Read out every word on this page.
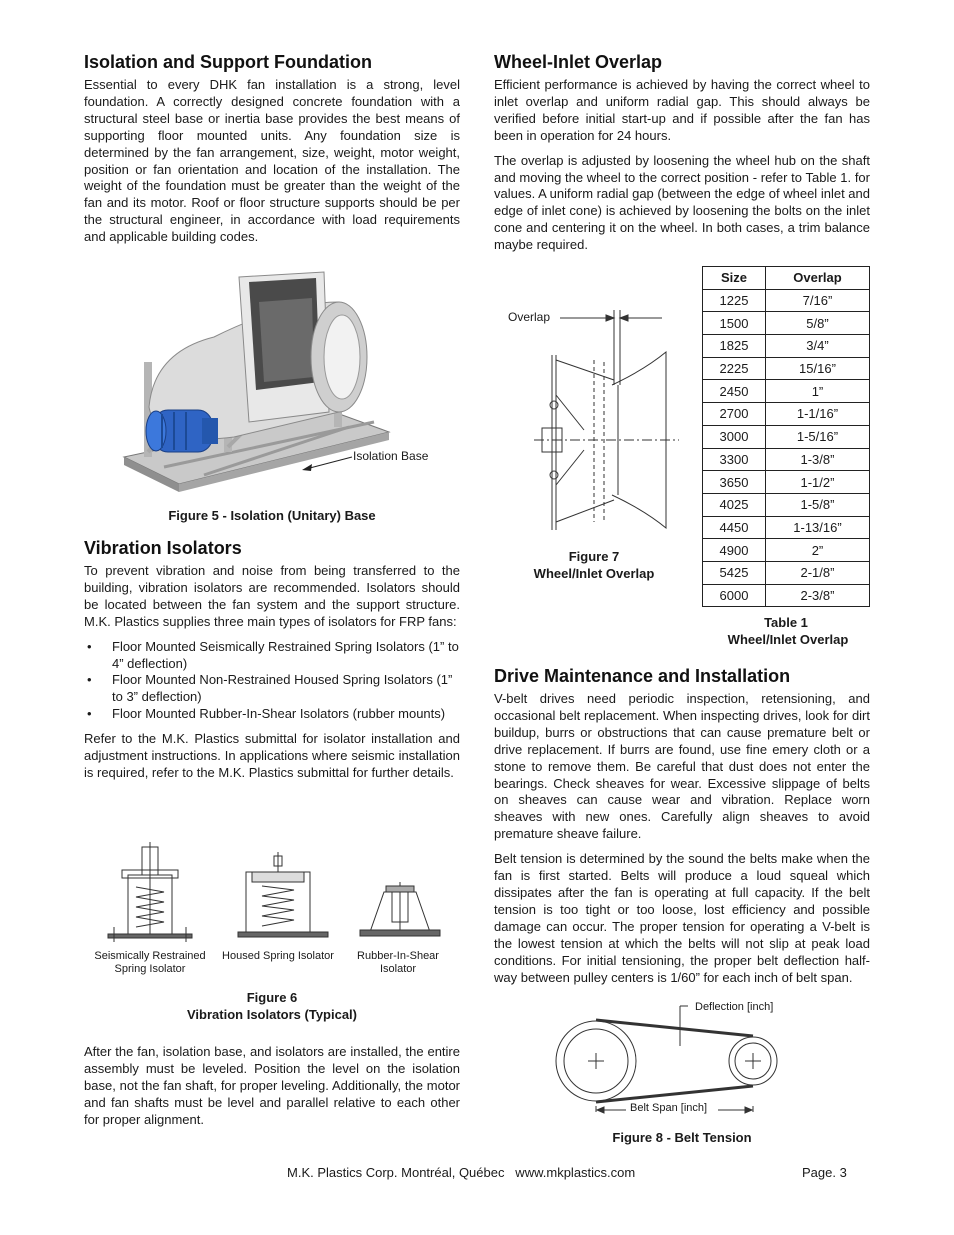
Isolation and Support Foundation

Essential to every DHK fan installation is a strong, level foundation. A correctly designed concrete foundation with a structural steel base or inertia base provides the best means of supporting floor mounted units. Any foundation size is determined by the fan arrangement, size, weight, motor weight, position or fan orientation and location of the installation. The weight of the foundation must be greater than the weight of the fan and its motor. Roof or floor structure supports should be per the structural engineer, in accordance with load requirements and applicable building codes.

Isolation Base
Figure 5 - Isolation (Unitary) Base
Vibration Isolators

To prevent vibration and noise from being transferred to the building, vibration isolators are recommended. Isolators should be located between the fan system and the support structure. M.K. Plastics supplies three main types of isolators for FRP fans:

• Floor Mounted Seismically Restrained Spring Isolators (1” to 4” deflection)
• Floor Mounted Non-Restrained Housed Spring Isolators (1” to 3” deflection)
• Floor Mounted Rubber-In-Shear Isolators (rubber mounts)

Refer to the M.K. Plastics submittal for isolator installation and adjustment instructions. In applications where seismic installation is required, refer to the M.K. Plastics submittal for further details.

Seismically Restrained Spring Isolator
Housed Spring Isolator	Rubber-In-Shear Isolator
Figure 6
Vibration Isolators (Typical)

After the fan, isolation base, and isolators are installed, the entire assembly must be leveled. Position the level on the isolation base, not the fan shaft, for proper leveling. Additionally, the motor and fan shafts must be level and parallel relative to each other for proper alignment.

Wheel-Inlet Overlap

Efficient performance is achieved by having the correct wheel to inlet overlap and uniform radial gap. This should always be verified before initial start-up and if possible after the fan has been in operation for 24 hours.

The overlap is adjusted by loosening the wheel hub on the shaft and moving the wheel to the correct position - refer to Table 1. for values. A uniform radial gap (between the edge of wheel inlet and edge of inlet cone) is achieved by loosening the bolts on the inlet cone and centering it on the wheel. In both cases, a trim balance maybe required.

Overlap
Figure 7
Wheel/Inlet Overlap
Size	Overlap
1225	7/16”
1500	5/8”
1825	3/4”
2225	15/16”
2450	1”
2700	1-1/16”
3000	1-5/16”
3300	1-3/8”
3650	1-1/2”
4025	1-5/8”
4450	1-13/16”
4900	2”
5425	2-1/8”
6000	2-3/8”
Table 1
Wheel/Inlet Overlap
Drive Maintenance and Installation

V-belt drives need periodic inspection, retensioning, and occasional belt replacement. When inspecting drives, look for dirt buildup, burrs or obstructions that can cause premature belt or drive replacement. If burrs are found, use fine emery cloth or a stone to remove them. Be careful that dust does not enter the bearings. Check sheaves for wear. Excessive slippage of belts on sheaves can cause wear and vibration. Replace worn sheaves with new ones. Carefully align sheaves to avoid premature sheave failure.

Belt tension is determined by the sound the belts make when the fan is first started. Belts will produce a loud squeal which dissipates after the fan is operating at full capacity. If the belt tension is too tight or too loose, lost efficiency and possible damage can occur. The proper tension for operating a V-belt is the lowest tension at which the belts will not slip at peak load conditions. For initial tensioning, the proper belt deflection half-way between pulley centers is 1/60” for each inch of belt span.

Deflection [inch]
Belt Span [inch]
Figure 8 - Belt Tension
M.K. Plastics Corp. Montréal, Québec   www.mkplastics.com	Page. 3
